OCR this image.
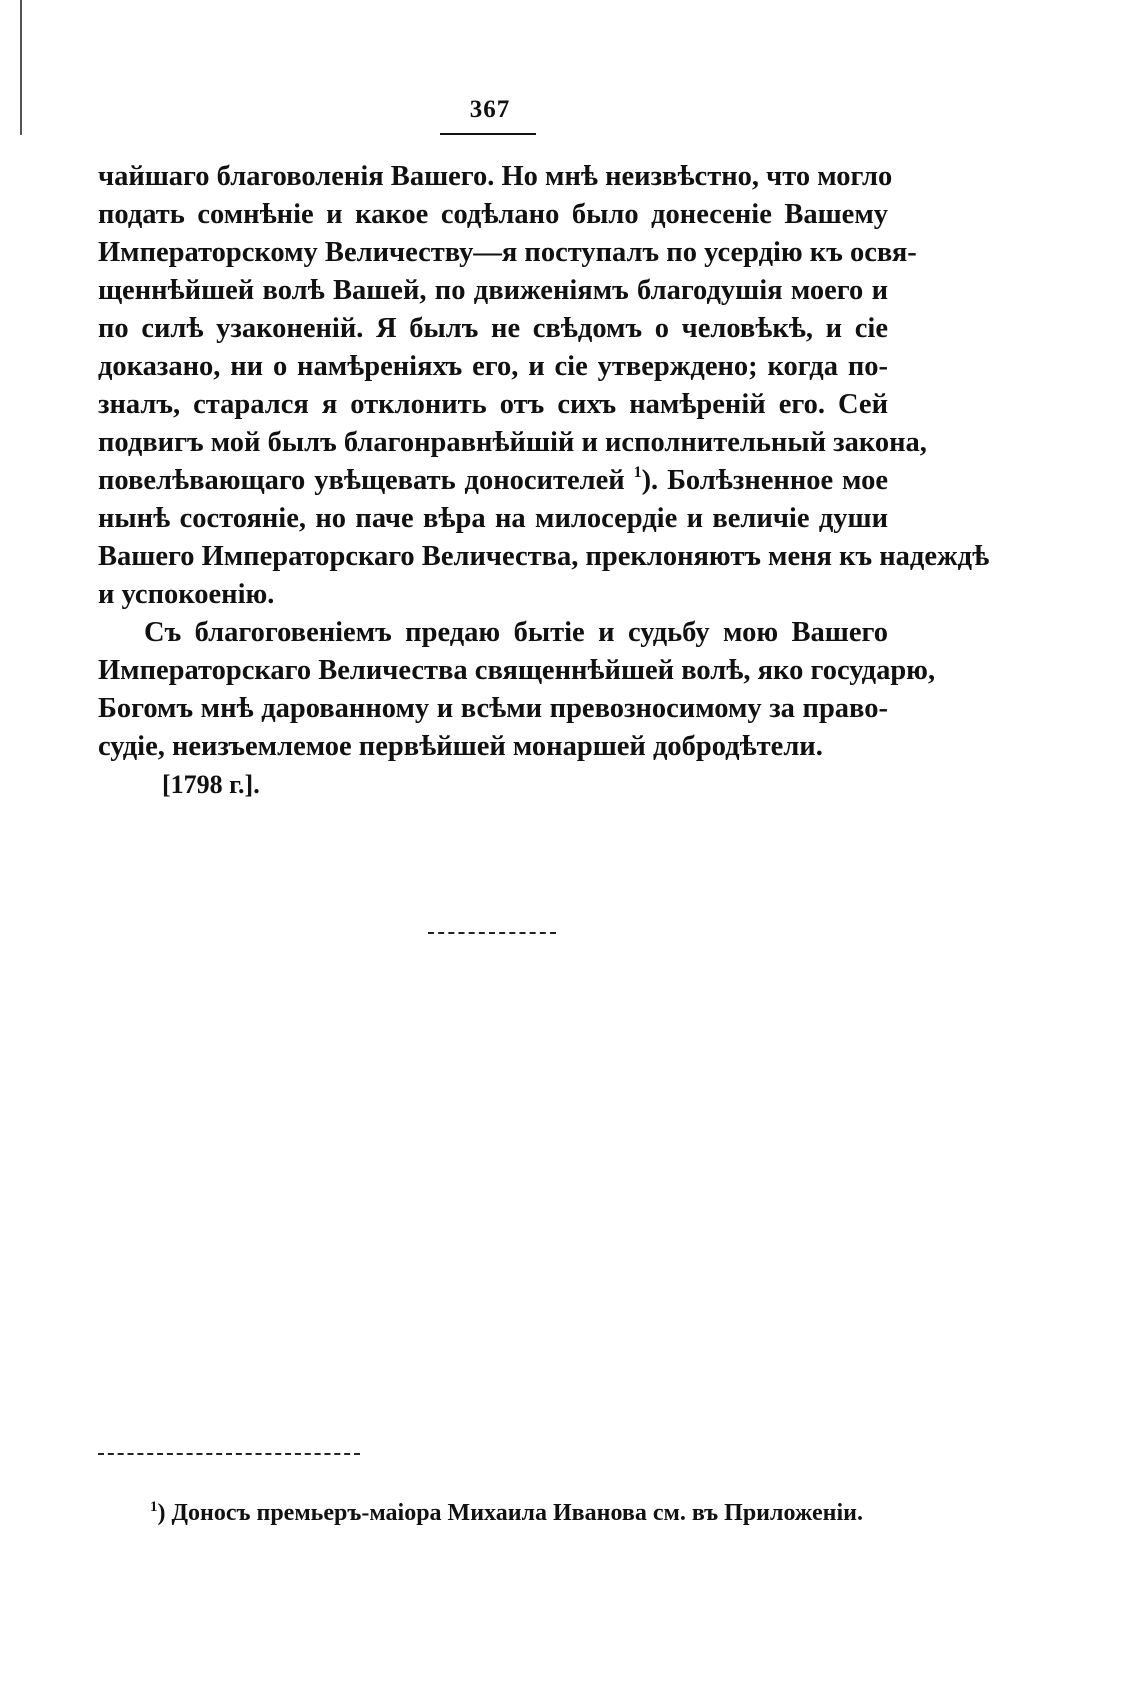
367
чайшаго благоволенія Вашего. Но мнѣ неизвѣстно, что могло
подать сомнѣніе и какое содѣлано было донесеніе Вашему
Императорскому Величеству—я поступалъ по усердію къ освя-
щеннѣйшей волѣ Вашей, по движеніямъ благодушія моего и
по силѣ узаконеній. Я былъ не свѣдомъ о человѣкѣ, и сіе
доказано, ни о намѣреніяхъ его, и сіе утверждено; когда по-
зналъ, старался я отклонить отъ сихъ намѣреній его. Сей
подвигъ мой былъ благонравнѣйшій и исполнительный закона,
повелѣвающаго увѣщевать доносителей $^1$). Болѣзненное мое
нынѣ состояніе, но паче вѣра на милосердіе и величіе души
Вашего Императорскаго Величества, преклоняютъ меня къ надеждѣ
и успокоенію.
Съ благоговеніемъ предаю бытіе и судьбу мою Вашего
Императорскаго Величества священнѣйшей волѣ, яко государю,
Богомъ мнѣ дарованному и всѣми превозносимому за право-
судіе, неизъемлемое первѣйшей монаршей добродѣтели.
[1798 г.].
$^1$) Доносъ премьеръ-маіора Михаила Иванова см. въ Приложеніи.
